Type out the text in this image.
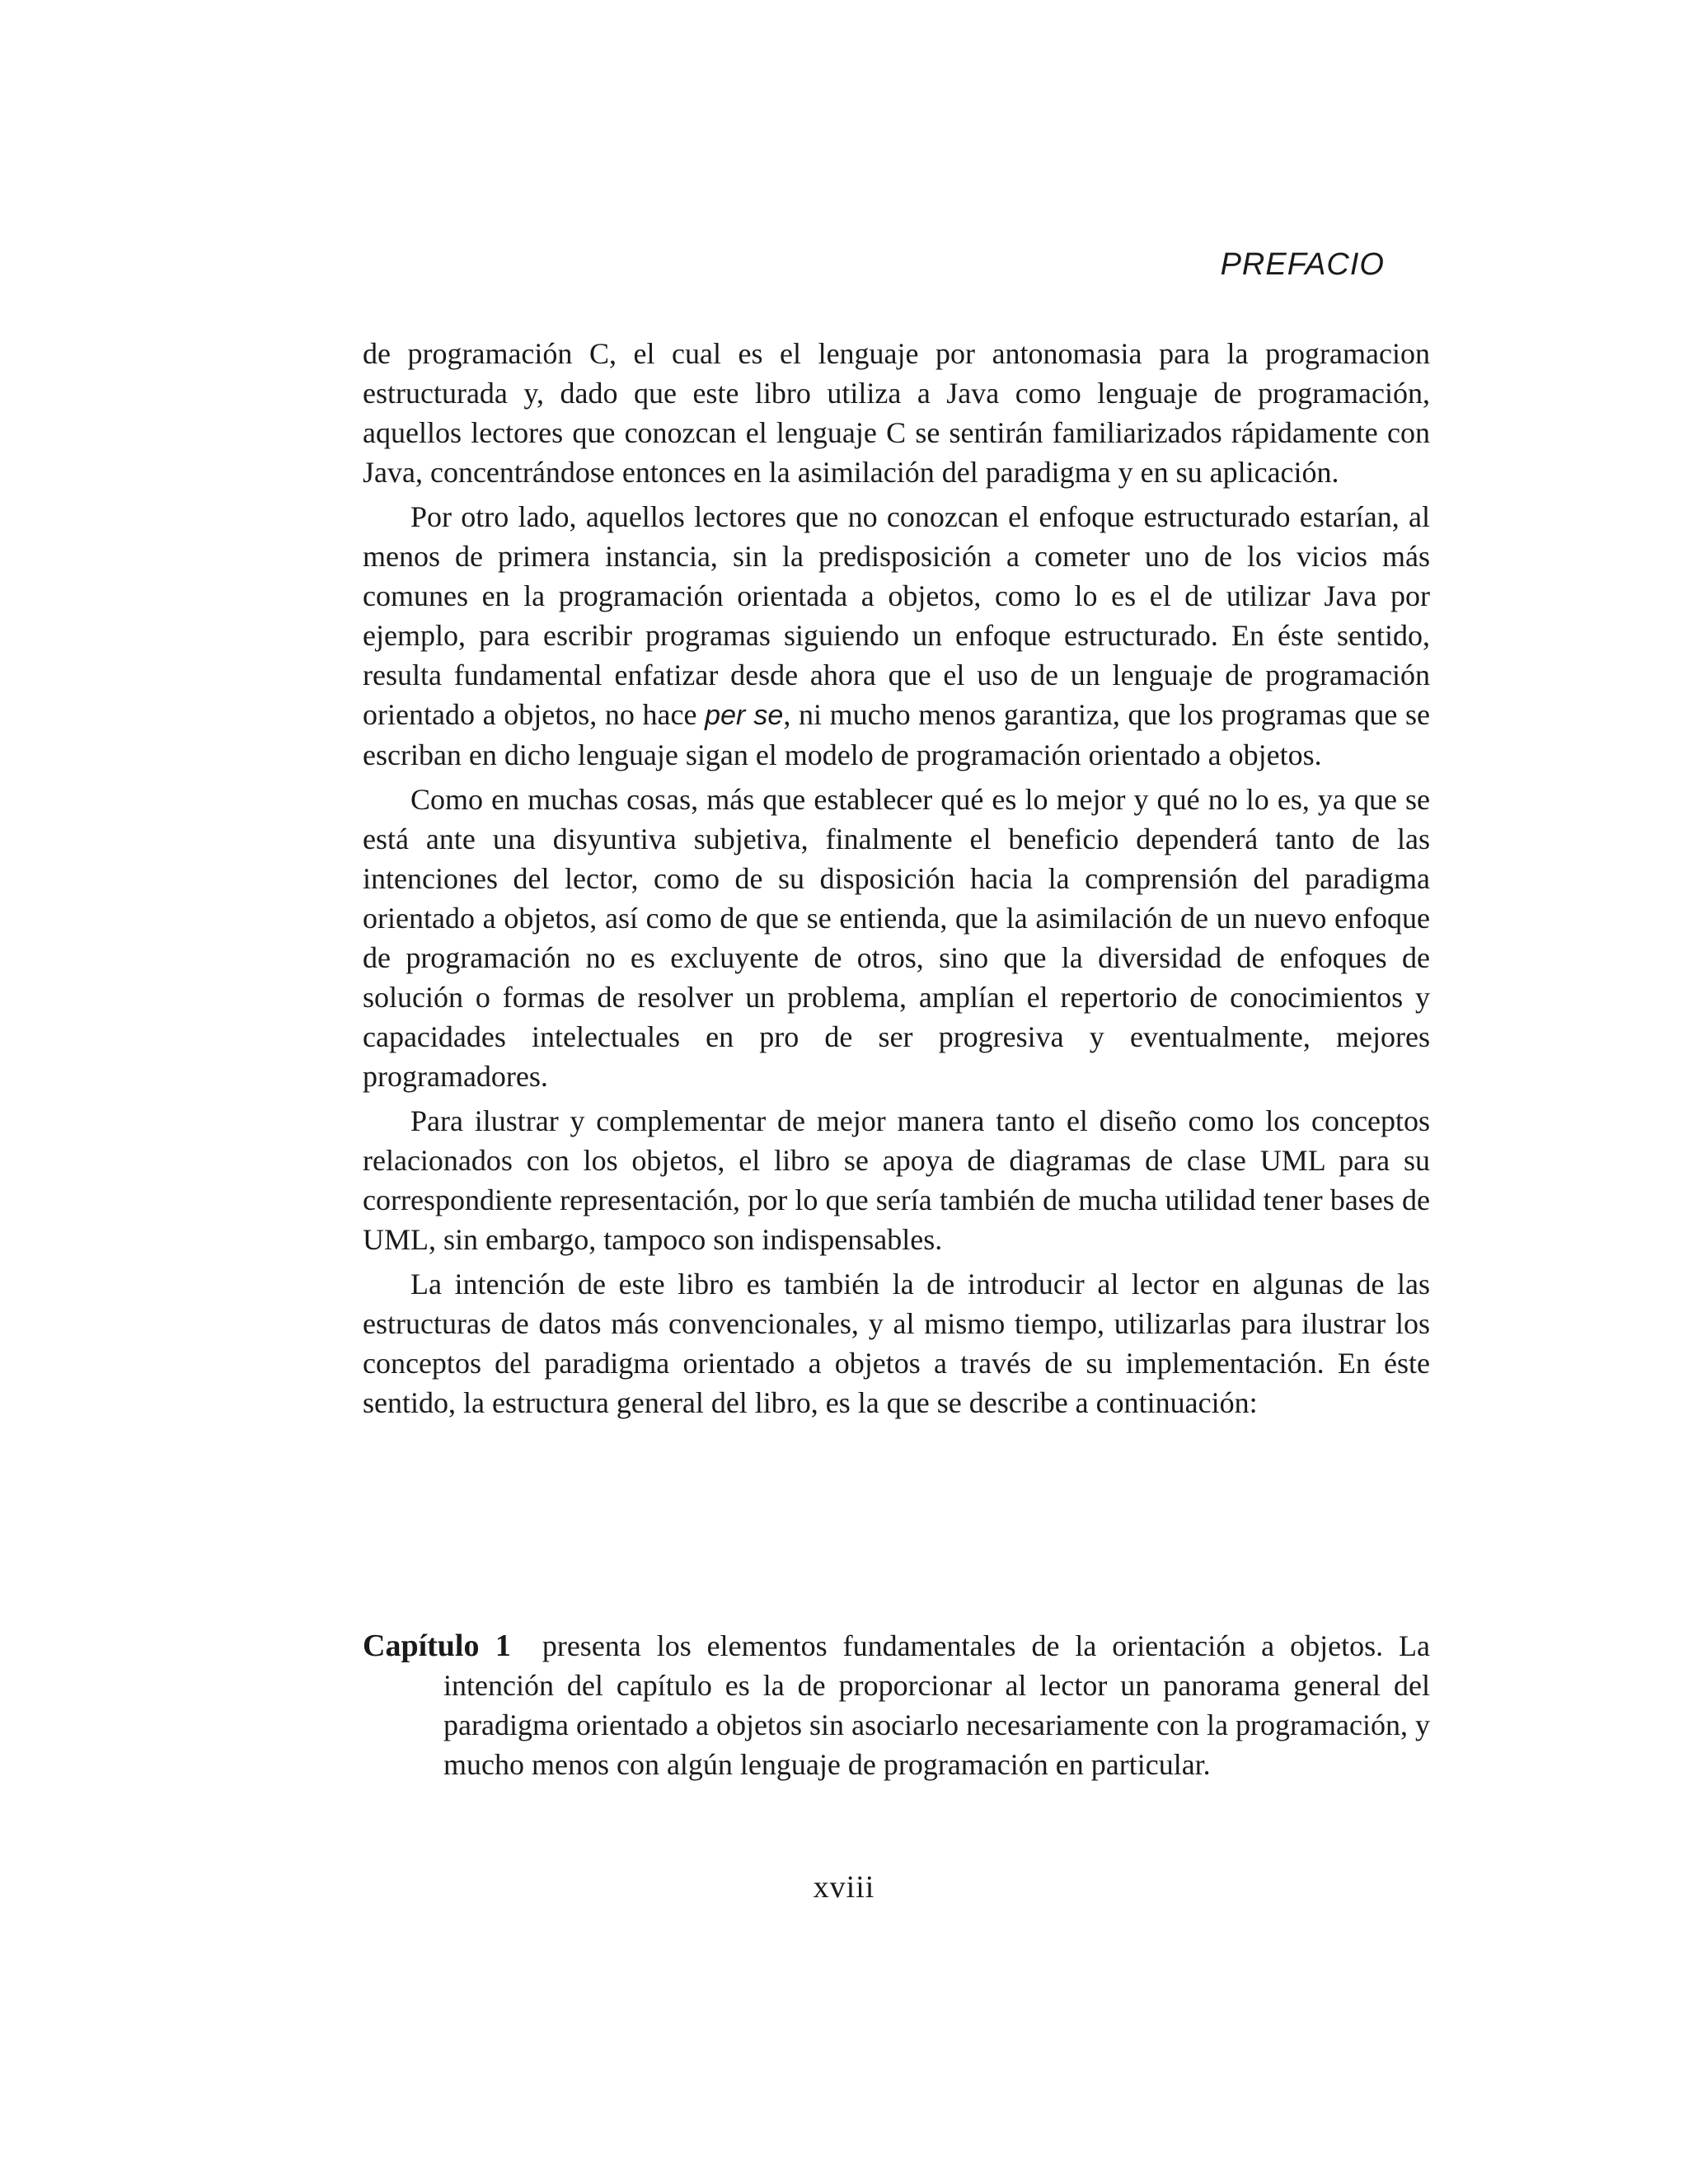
PREFACIO

de programación C, el cual es el lenguaje por antonomasia para la programacion estructurada y, dado que este libro utiliza a Java como lenguaje de programación, aquellos lectores que conozcan el lenguaje C se sentirán familiarizados rápidamente con Java, concentrándose entonces en la asimilación del paradigma y en su aplicación.

Por otro lado, aquellos lectores que no conozcan el enfoque estructurado estarían, al menos de primera instancia, sin la predisposición a cometer uno de los vicios más comunes en la programación orientada a objetos, como lo es el de utilizar Java por ejemplo, para escribir programas siguiendo un enfoque estructurado. En éste sentido, resulta fundamental enfatizar desde ahora que el uso de un lenguaje de programación orientado a objetos, no hace per se, ni mucho menos garantiza, que los programas que se escriban en dicho lenguaje sigan el modelo de programación orientado a objetos.

Como en muchas cosas, más que establecer qué es lo mejor y qué no lo es, ya que se está ante una disyuntiva subjetiva, finalmente el beneficio dependerá tanto de las intenciones del lector, como de su disposición hacia la comprensión del paradigma orientado a objetos, así como de que se entienda, que la asimilación de un nuevo enfoque de programación no es excluyente de otros, sino que la diversidad de enfoques de solución o formas de resolver un problema, amplían el repertorio de conocimientos y capacidades intelectuales en pro de ser progresiva y eventualmente, mejores programadores.

Para ilustrar y complementar de mejor manera tanto el diseño como los conceptos relacionados con los objetos, el libro se apoya de diagramas de clase UML para su correspondiente representación, por lo que sería también de mucha utilidad tener bases de UML, sin embargo, tampoco son indispensables.

La intención de este libro es también la de introducir al lector en algunas de las estructuras de datos más convencionales, y al mismo tiempo, utilizarlas para ilustrar los conceptos del paradigma orientado a objetos a través de su implementación. En éste sentido, la estructura general del libro, es la que se describe a continuación:

Capítulo 1 presenta los elementos fundamentales de la orientación a objetos. La intención del capítulo es la de proporcionar al lector un panorama general del paradigma orientado a objetos sin asociarlo necesariamente con la programación, y mucho menos con algún lenguaje de programación en particular.
xviii
